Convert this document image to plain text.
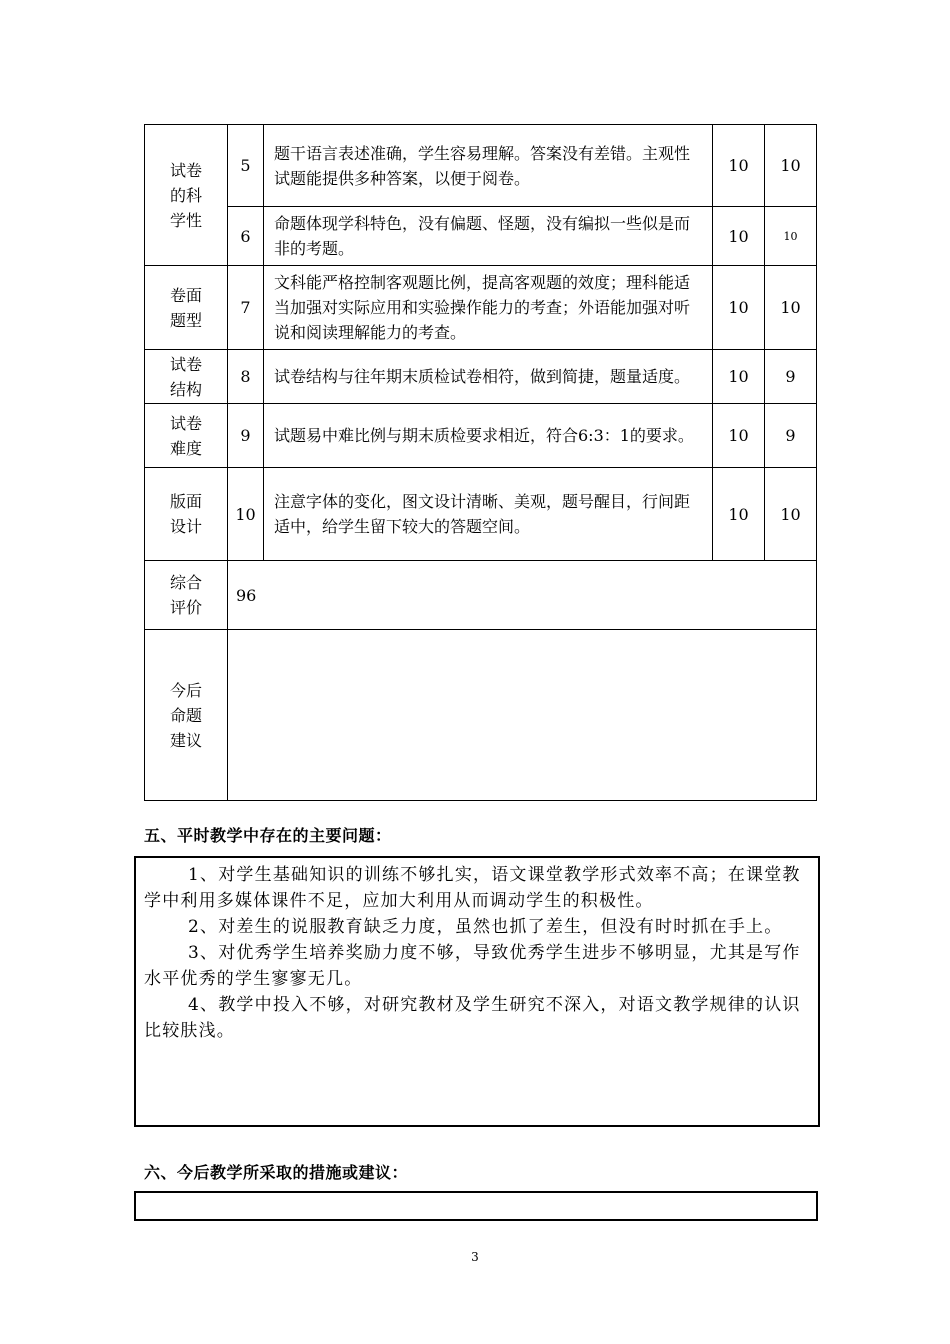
试卷的科学性	5	题干语言表述准确，学生容易理解。答案没有差错。主观性试题能提供多种答案，以便于阅卷。	10	10
	6	命题体现学科特色，没有偏题、怪题，没有编拟一些似是而非的考题。	10	10
卷面题型	7	文科能严格控制客观题比例，提高客观题的效度；理科能适当加强对实际应用和实验操作能力的考查；外语能加强对听说和阅读理解能力的考查。	10	10
试卷结构	8	试卷结构与往年期末质检试卷相符，做到简捷，题量适度。	10	9
试卷难度	9	试题易中难比例与期末质检要求相近，符合6:3：1的要求。	10	9
版面设计	10	注意字体的变化，图文设计清晰、美观，题号醒目，行间距适中，给学生留下较大的答题空间。	10	10
综合评价	96			
今后命题建议				
五、平时教学中存在的主要问题：

1、对学生基础知识的训练不够扎实，语文课堂教学形式效率不高；在课堂教学中利用多媒体课件不足，应加大利用从而调动学生的积极性。

2、对差生的说服教育缺乏力度，虽然也抓了差生，但没有时时抓在手上。

3、对优秀学生培养奖励力度不够，导致优秀学生进步不够明显，尤其是写作水平优秀的学生寥寥无几。

4、教学中投入不够，对研究教材及学生研究不深入，对语文教学规律的认识比较肤浅。

六、今后教学所采取的措施或建议：
3
